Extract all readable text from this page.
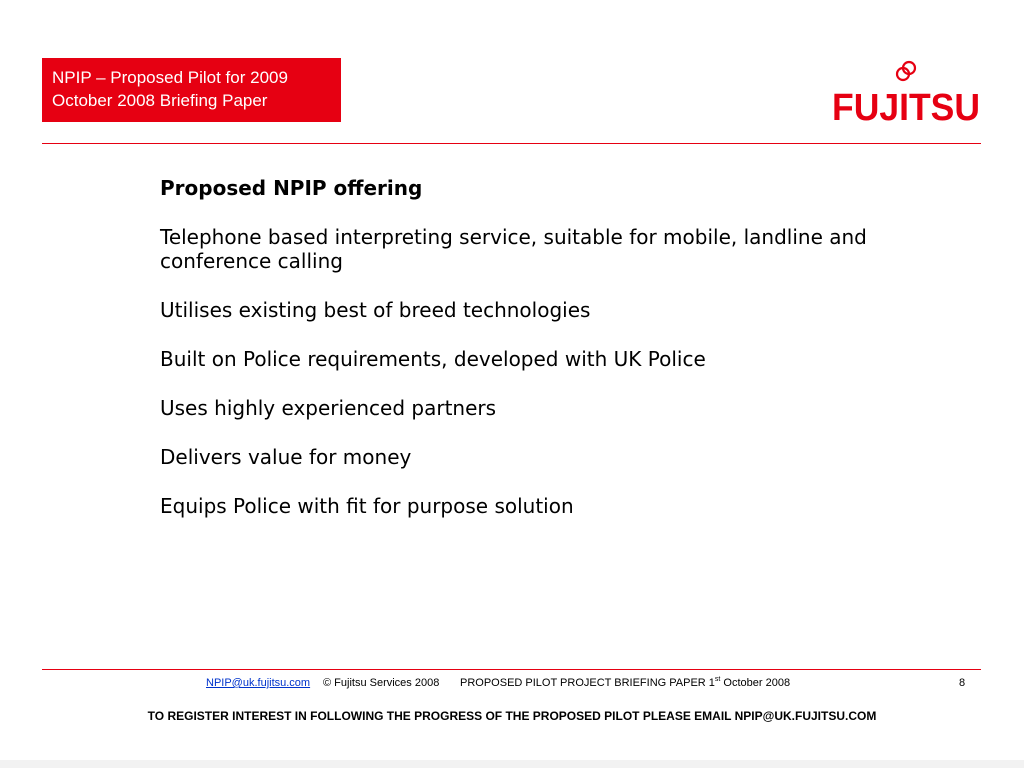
NPIP – Proposed Pilot for 2009
October 2008 Briefing Paper	FUJITSU
Proposed NPIP offering
Telephone based interpreting service, suitable for mobile, landline and conference calling
Utilises existing best of breed technologies
Built on Police requirements, developed with UK Police
Uses highly experienced partners
Delivers value for money
Equips Police with fit for purpose solution
NPIP@uk.fujitsu.com © Fujitsu Services 2008 PROPOSED PILOT PROJECT BRIEFING PAPER 1st October 2008	8
TO REGISTER INTEREST IN FOLLOWING THE PROGRESS OF THE PROPOSED PILOT PLEASE EMAIL NPIP@UK.FUJITSU.COM
